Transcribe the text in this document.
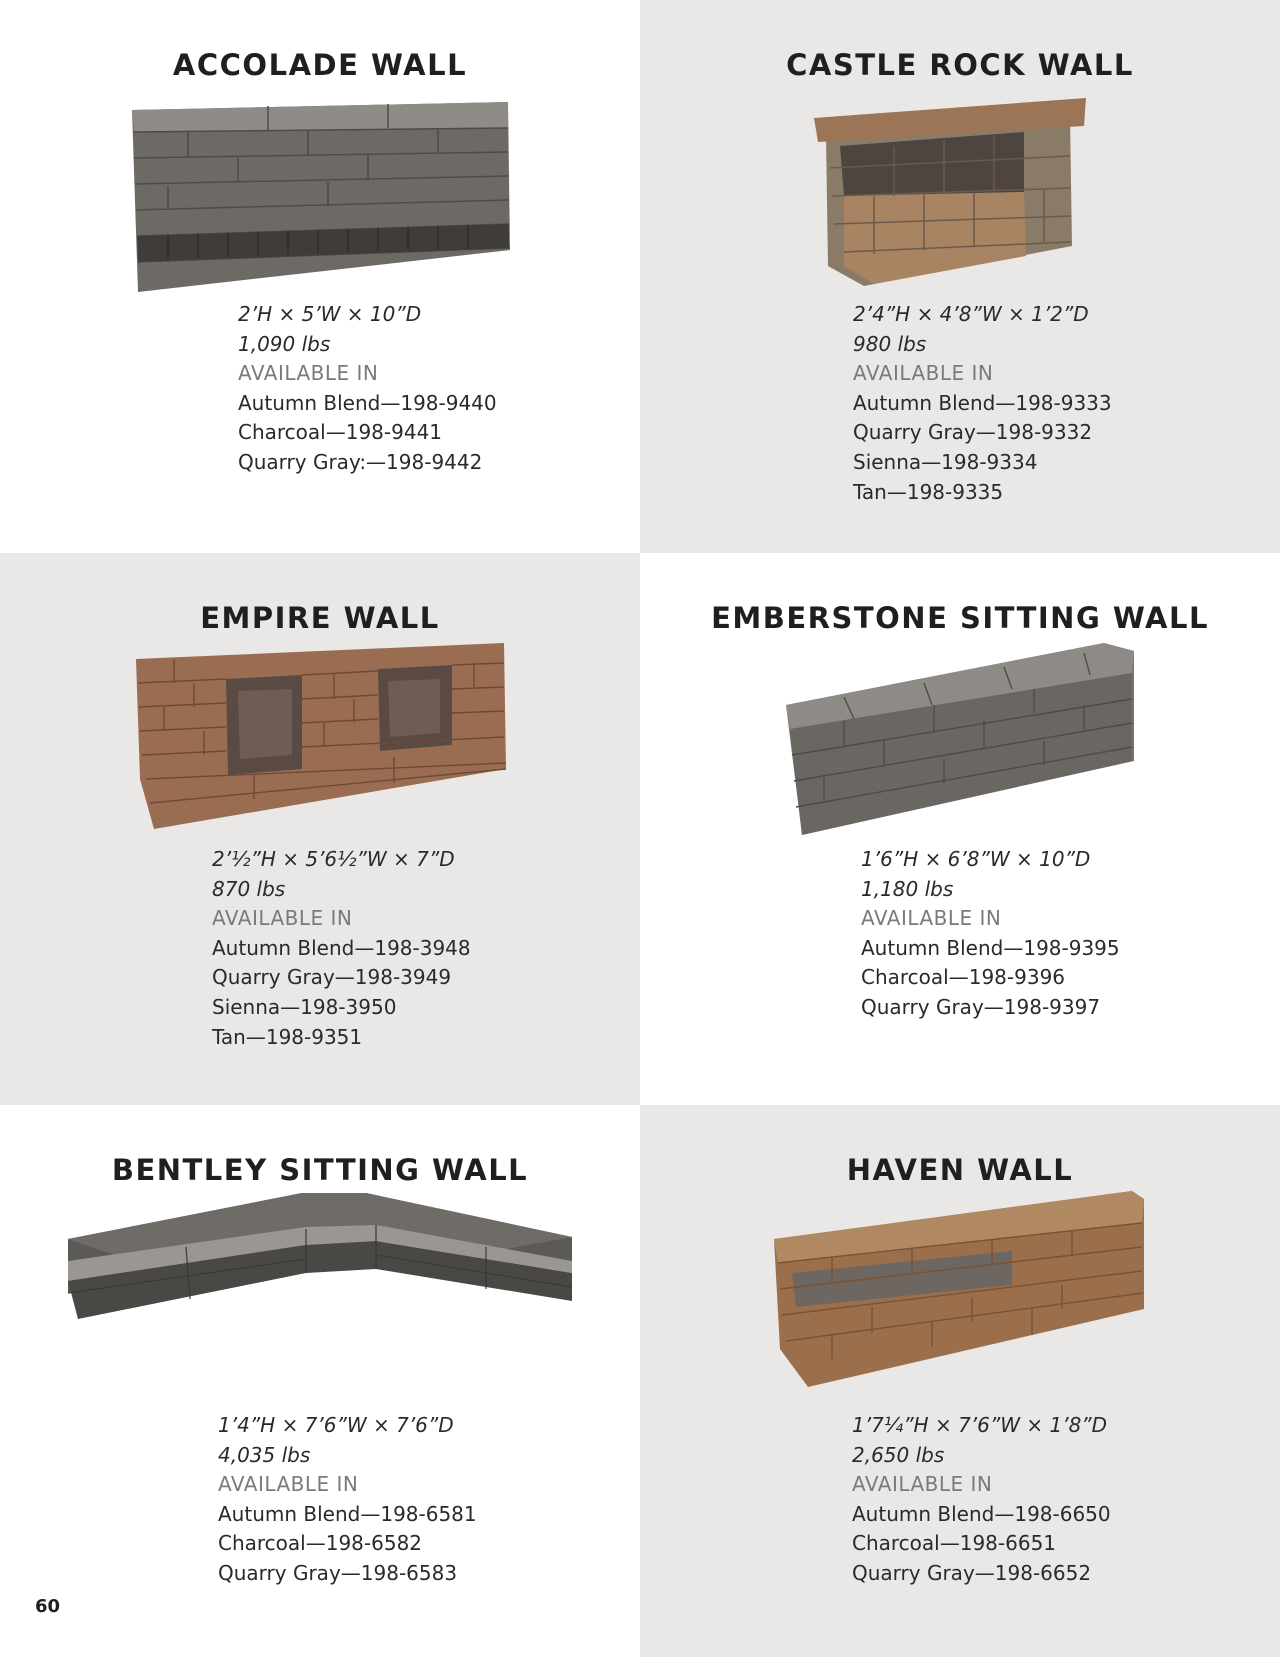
ACCOLADE WALL
2’H × 5’W × 10”D
1,090 lbs
AVAILABLE IN
Autumn Blend—198-9440
Charcoal—198-9441
Quarry Gray:—198-9442
CASTLE ROCK WALL
2’4”H × 4’8”W × 1’2”D
980 lbs
AVAILABLE IN
Autumn Blend—198-9333
Quarry Gray—198-9332
Sienna—198-9334
Tan—198-9335
EMPIRE WALL
2’½”H × 5’6½”W × 7”D
870 lbs
AVAILABLE IN
Autumn Blend—198-3948
Quarry Gray—198-3949
Sienna—198-3950
Tan—198-9351
EMBERSTONE SITTING WALL
1’6”H × 6’8”W × 10”D
1,180 lbs
AVAILABLE IN
Autumn Blend—198-9395
Charcoal—198-9396
Quarry Gray—198-9397
BENTLEY SITTING WALL
1’4”H × 7’6”W × 7’6”D
4,035 lbs
AVAILABLE IN
Autumn Blend—198-6581
Charcoal—198-6582
Quarry Gray—198-6583
60
HAVEN WALL
1’7¼”H × 7’6”W × 1’8”D
2,650 lbs
AVAILABLE IN
Autumn Blend—198-6650
Charcoal—198-6651
Quarry Gray—198-6652
